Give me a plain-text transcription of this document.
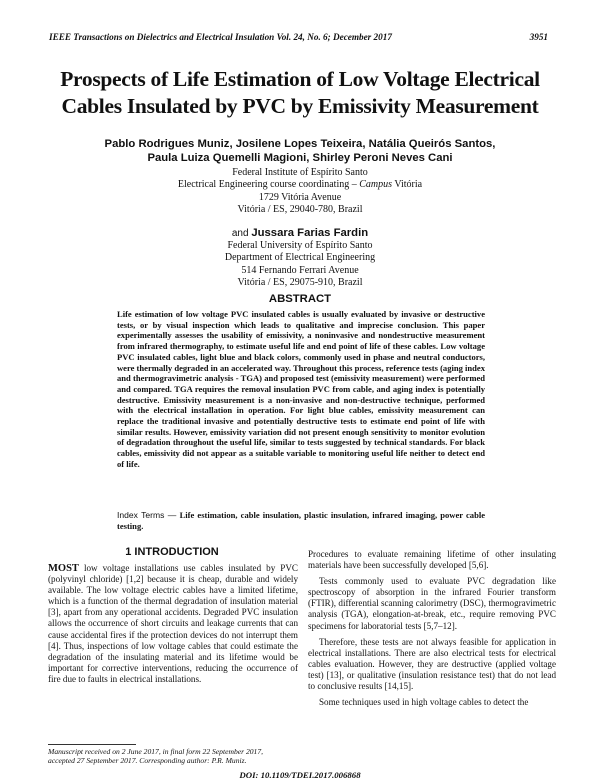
IEEE Transactions on Dielectrics and Electrical Insulation Vol. 24, No. 6; December 2017	3951
Prospects of Life Estimation of Low Voltage Electrical
Cables Insulated by PVC by Emissivity Measurement
Pablo Rodrigues Muniz, Josilene Lopes Teixeira, Natália Queirós Santos,
Paula Luiza Quemelli Magioni, Shirley Peroni Neves Cani
Federal Institute of Espírito Santo
Electrical Engineering course coordinating – Campus Vitória
1729 Vitória Avenue
Vitória / ES, 29040-780, Brazil
and Jussara Farias Fardin
Federal University of Espírito Santo
Department of Electrical Engineering
514 Fernando Ferrari Avenue
Vitória / ES, 29075-910, Brazil
ABSTRACT
Life estimation of low voltage PVC insulated cables is usually evaluated by invasive or destructive tests, or by visual inspection which leads to qualitative and imprecise conclusion. This paper experimentally assesses the usability of emissivity, a noninvasive and nondestructive measurement from infrared thermography, to estimate useful life and end point of life of these cables. Low voltage PVC insulated cables, light blue and black colors, commonly used in phase and neutral conductors, were thermally degraded in an accelerated way. Throughout this process, reference tests (aging index and thermogravimetric analysis - TGA) and proposed test (emissivity measurement) were performed and compared. TGA requires the removal insulation PVC from cable, and aging index is potentially destructive. Emissivity measurement is a non-invasive and non-destructive technique, performed with the electrical installation in operation. For light blue cables, emissivity measurement can replace the traditional invasive and potentially destructive tests to estimate end point of life with similar results. However, emissivity variation did not present enough sensitivity to monitor evolution of degradation throughout the useful life, similar to tests suggested by technical standards. For black cables, emissivity did not appear as a suitable variable to monitoring useful life neither to detect end of life.
Index Terms — Life estimation, cable insulation, plastic insulation, infrared imaging, power cable testing.
1 INTRODUCTION

MOST low voltage installations use cables insulated by PVC (polyvinyl chloride) [1,2] because it is cheap, durable and widely available. The low voltage electric cables have a limited lifetime, which is a function of the thermal degradation of insulation material [3], apart from any operational accidents. Degraded PVC insulation allows the occurrence of short circuits and leakage currents that can cause accidental fires if the protection devices do not interrupt them [4]. Thus, inspections of low voltage cables that could estimate the degradation of the insulating material and its lifetime would be important for corrective interventions, reducing the occurrence of fire due to faults in electrical installations.

Procedures to evaluate remaining lifetime of other insulating materials have been successfully developed [5,6].

Tests commonly used to evaluate PVC degradation like spectroscopy of absorption in the infrared Fourier transform (FTIR), differential scanning calorimetry (DSC), thermogravimetric analysis (TGA), elongation-at-break, etc., require removing PVC specimens for laboratorial tests [5,7–12].

Therefore, these tests are not always feasible for application in electrical installations. There are also electrical tests for electrical cables evaluation. However, they are destructive (applied voltage test) [13], or qualitative (insulation resistance test) that do not lead to conclusive results [14,15].

Some techniques used in high voltage cables to detect the

Manuscript received on 2 June 2017, in final form 22 September 2017,
accepted 27 September 2017. Corresponding author: P.R. Muniz.
DOI: 10.1109/TDEI.2017.006868
